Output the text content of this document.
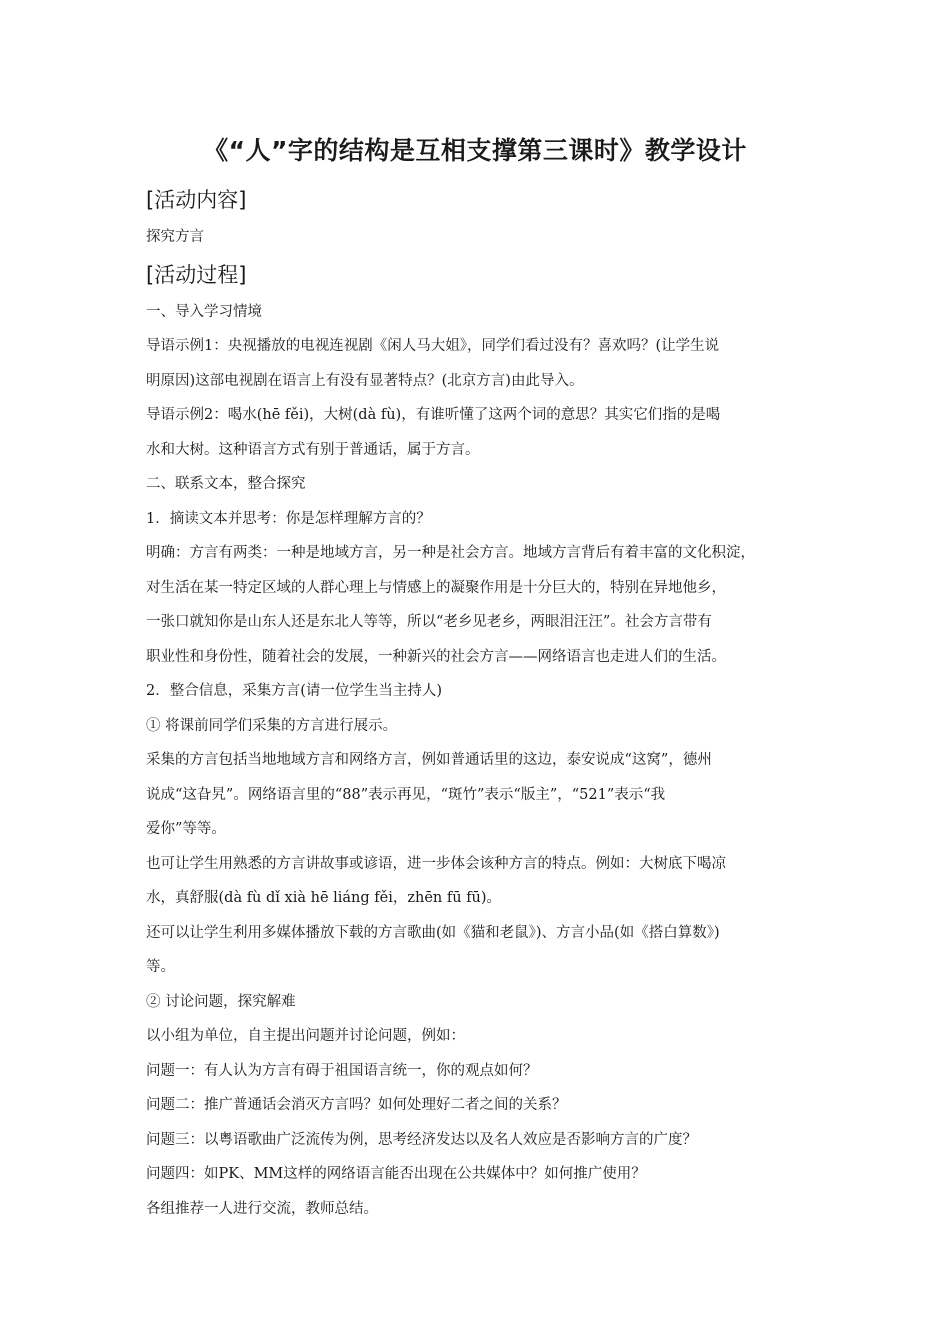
《“人”字的结构是互相支撑第三课时》教学设计
[活动内容]
探究方言
[活动过程]
一、导入学习情境
导语示例1：央视播放的电视连视剧《闲人马大姐》，同学们看过没有？喜欢吗？(让学生说
明原因)这部电视剧在语言上有没有显著特点？(北京方言)由此导入。
导语示例2：喝水(hē fěi)，大树(dà fù)，有谁听懂了这两个词的意思？其实它们指的是喝
水和大树。这种语言方式有别于普通话，属于方言。
二、联系文本，整合探究
1．摘读文本并思考：你是怎样理解方言的？
明确：方言有两类：一种是地域方言，另一种是社会方言。地域方言背后有着丰富的文化积淀，
对生活在某一特定区域的人群心理上与情感上的凝聚作用是十分巨大的，特别在异地他乡，
一张口就知你是山东人还是东北人等等，所以“老乡见老乡，两眼泪汪汪”。社会方言带有
职业性和身份性，随着社会的发展，一种新兴的社会方言——网络语言也走进人们的生活。
2．整合信息，采集方言(请一位学生当主持人)
① 将课前同学们采集的方言进行展示。
采集的方言包括当地地域方言和网络方言，例如普通话里的这边，泰安说成“这窝”，德州
说成“这旮旯”。网络语言里的“88”表示再见，“斑竹”表示“版主”，“521”表示“我
爱你”等等。
也可让学生用熟悉的方言讲故事或谚语，进一步体会该种方言的特点。例如：大树底下喝凉
水，真舒服(dà fù dǐ xià hē liáng fěi，zhēn fū fū)。
还可以让学生利用多媒体播放下载的方言歌曲(如《猫和老鼠》)、方言小品(如《搭白算数》)
等。
② 讨论问题，探究解难
以小组为单位，自主提出问题并讨论问题，例如：
问题一：有人认为方言有碍于祖国语言统一，你的观点如何？
问题二：推广普通话会消灭方言吗？如何处理好二者之间的关系？
问题三：以粤语歌曲广泛流传为例，思考经济发达以及名人效应是否影响方言的广度？
问题四：如PK、MM这样的网络语言能否出现在公共媒体中？如何推广使用？
各组推荐一人进行交流，教师总结。
